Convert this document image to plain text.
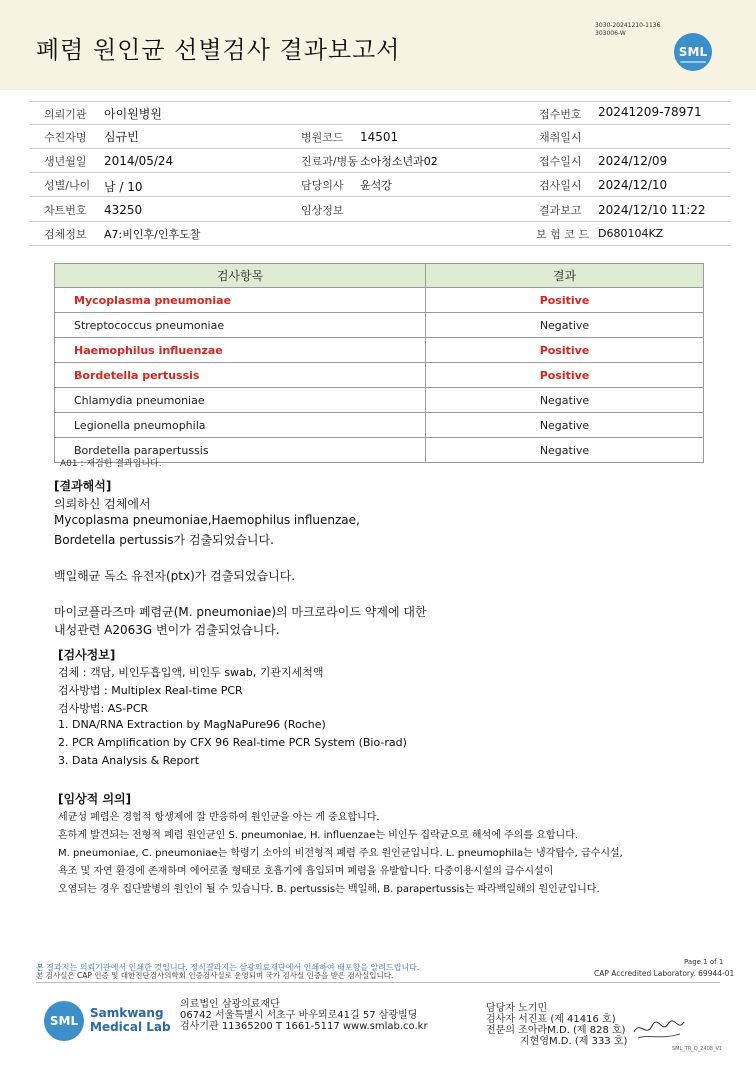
폐렴 원인균 선별검사 결과보고서
3030-20241210-1136
303006-W
SML
의뢰기관 아이원병원	접수번호 20241209-78971
수진자명 심규빈	병원코드 14501	채취일시
생년월일 2014/05/24	진료과/병동 소아청소년과02	접수일시 2024/12/09
성별/나이 남 / 10	담당의사 윤석강	검사일시 2024/12/10
차트번호 43250	임상정보	결과보고 2024/12/10 11:22
검체정보 A7:비인후/인후도찰	보 험 코 드 D680104KZ
검사항목	결과
Mycoplasma pneumoniae	Positive
Streptococcus pneumoniae	Negative
Haemophilus influenzae	Positive
Bordetella pertussis	Positive
Chlamydia pneumoniae	Negative
Legionella pneumophila	Negative
Bordetella parapertussis	Negative
A01 : 재검한 결과입니다.
[결과해석]
의뢰하신 검체에서
Mycoplasma pneumoniae,Haemophilus influenzae,
Bordetella pertussis가 검출되었습니다.
백일해균 독소 유전자(ptx)가 검출되었습니다.
마이코플라즈마 폐렴균(M. pneumoniae)의 마크로라이드 약제에 대한
내성관련 A2063G 변이가 검출되었습니다.
[검사정보]
검체 : 객담, 비인두흡입액, 비인두 swab, 기관지세척액
검사방법 : Multiplex Real-time PCR
검사방법: AS-PCR
1. DNA/RNA Extraction by MagNaPure96 (Roche)
2. PCR Amplification by CFX 96 Real-time PCR System (Bio-rad)
3. Data Analysis & Report
[임상적 의의]
세균성 폐렴은 경험적 항생제에 잘 반응하여 원인균을 아는 게 중요합니다.
흔하게 발견되는 전형적 폐렴 원인균인 S. pneumoniae, H. influenzae는 비인두 집락균으로 해석에 주의를 요합니다.
M. pneumoniae, C. pneumoniae는 학령기 소아의 비전형적 폐렴 주요 원인균입니다. L. pneumophila는 냉각탑수, 급수시설,
욕조 및 자연 환경에 존재하며 에어로졸 형태로 호흡기에 흡입되며 폐렴을 유발합니다. 다중이용시설의 급수시설이
오염되는 경우 집단발병의 원인이 될 수 있습니다. B. pertussis는 백일해, B. parapertussis는 파라백일해의 원인균입니다.
본 결과지는 의뢰기관에서 인쇄한 것입니다. 정식결과지는 삼광의료재단에서 인쇄하여 배포함을 알려드립니다.
본 검사실은 CAP 인증 및 대한진단검사의학회 인증검사실로 운영되며 국가 검사실 인증을 받은 검사실입니다.
Page 1 of 1
CAP Accredited Laboratory. 69944-01
SML
Samkwang
Medical Lab
의료법인 삼광의료재단
06742 서울특별시 서초구 바우뫼로41길 57 삼광빌딩
검사기관 11365200 T 1661-5117 www.smlab.co.kr
담당자 노기민
검사자 서진표 (제 41416 호)
전문의 조아라M.D. (제 828 호)
지현영M.D. (제 333 호)
SML_TR_Q_2408_V1
